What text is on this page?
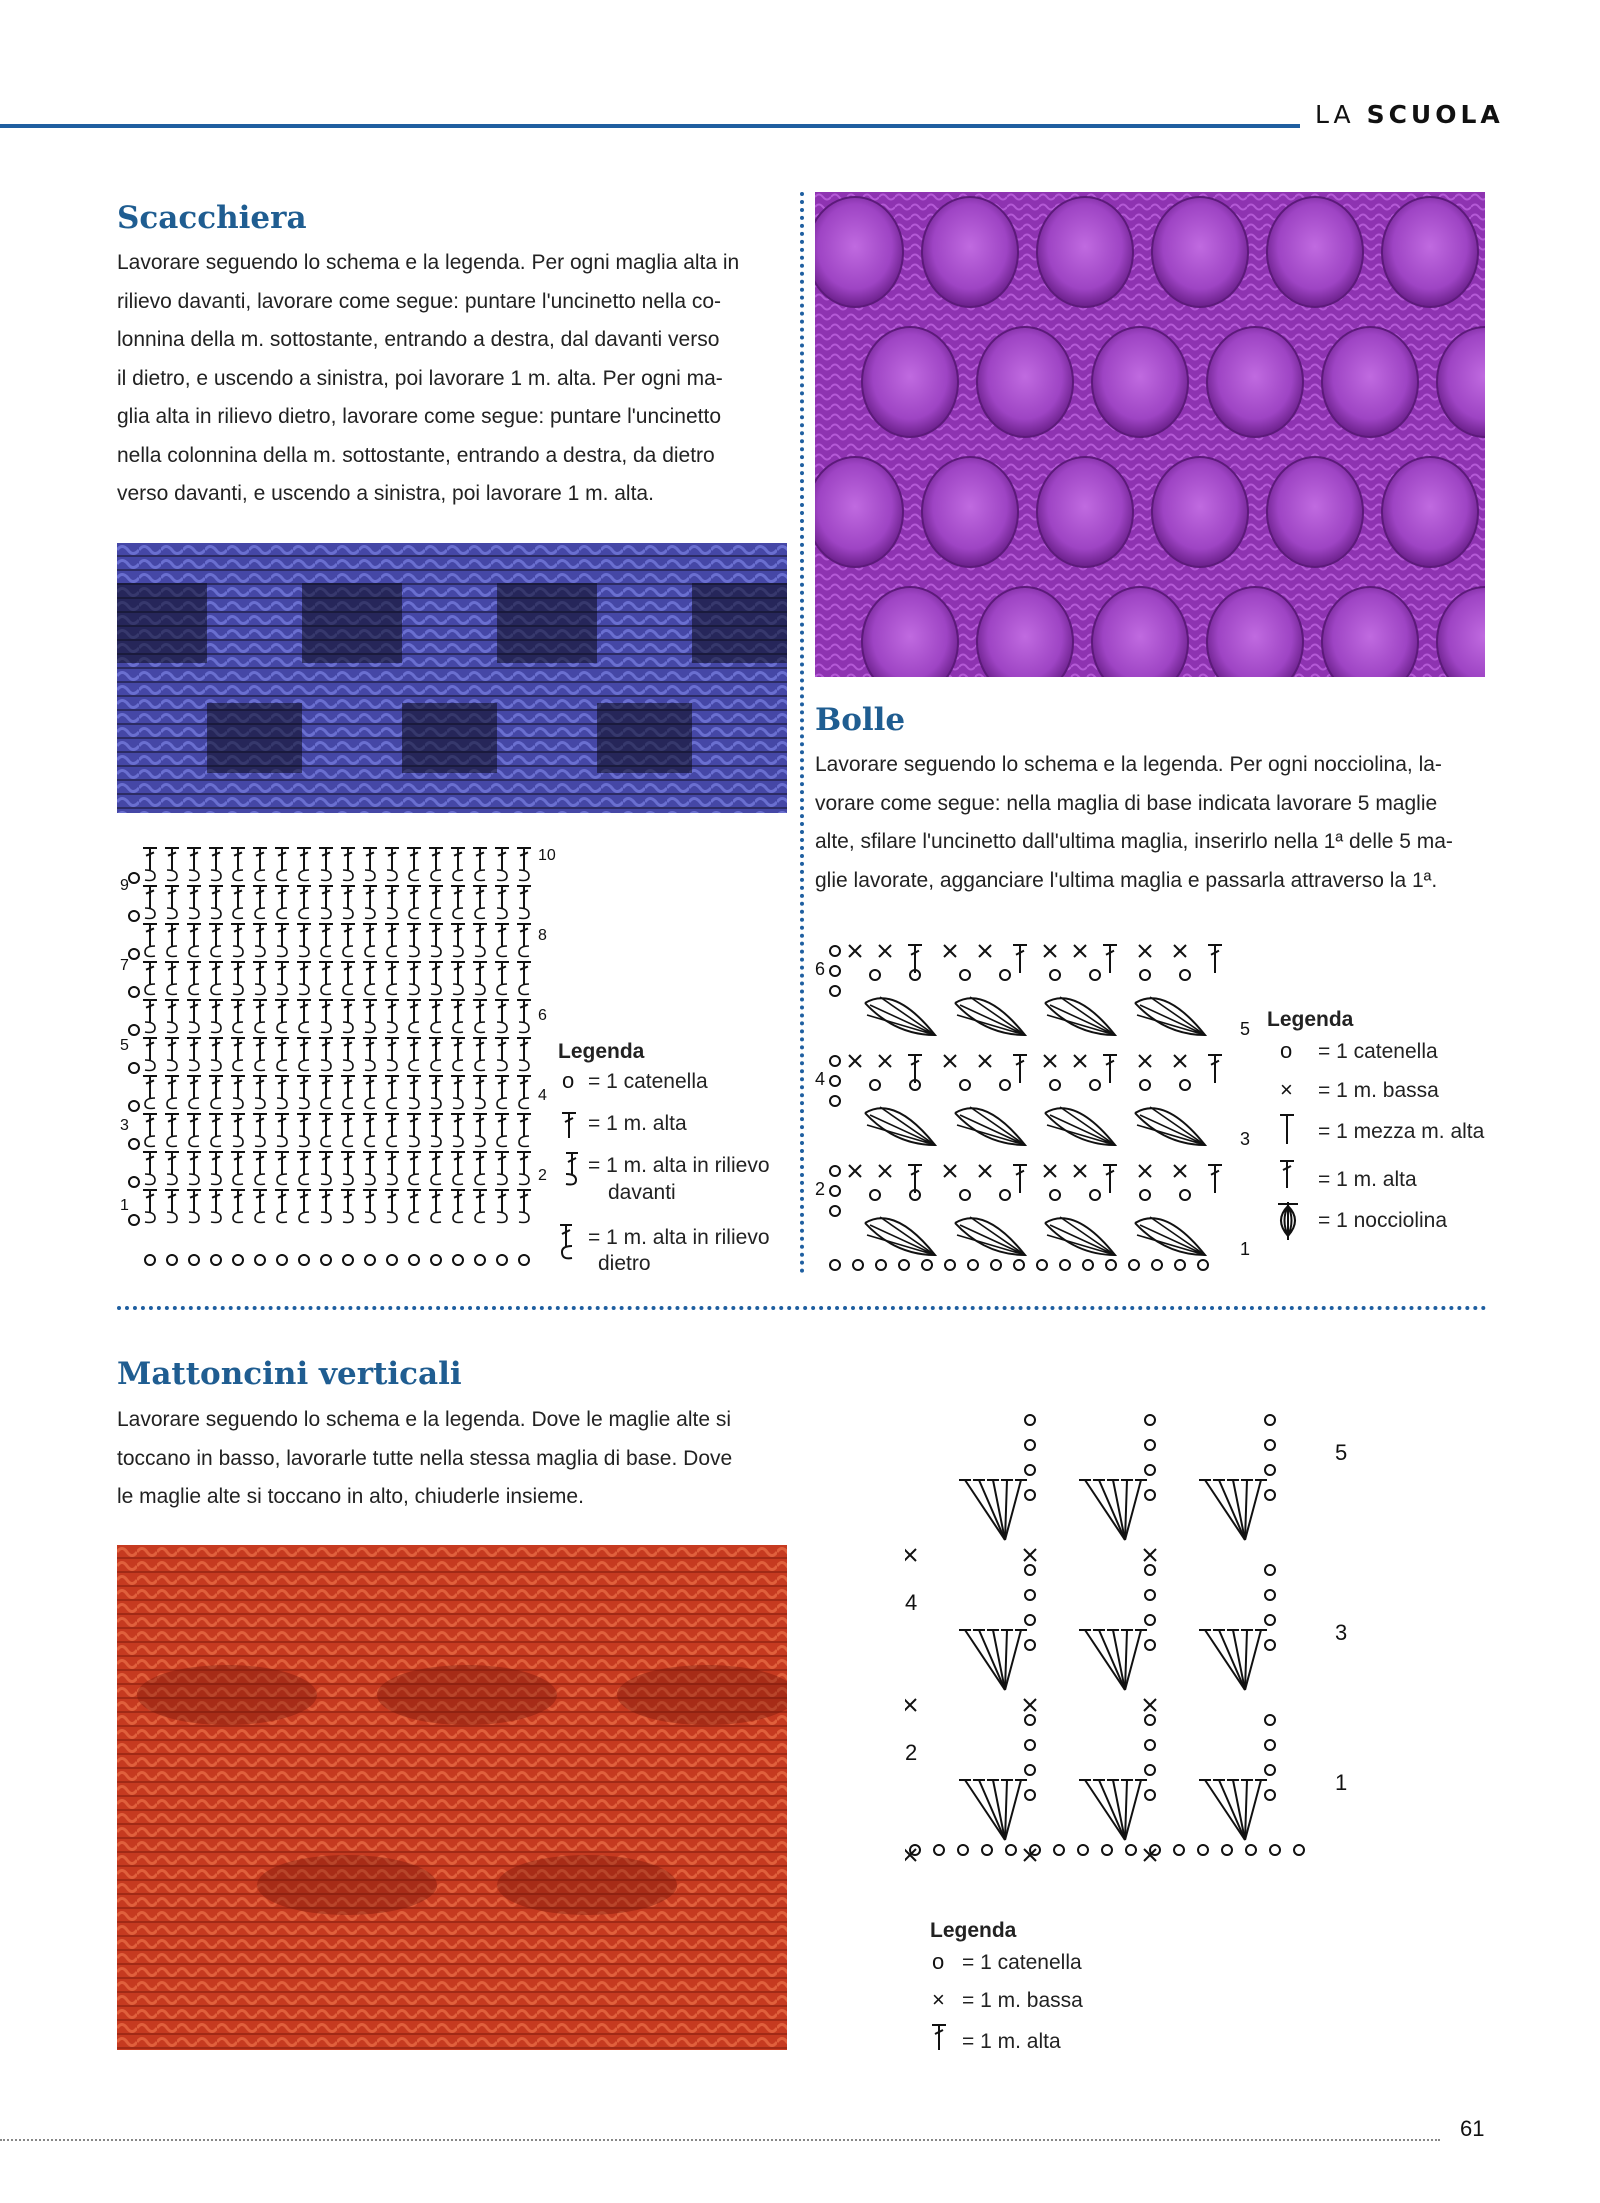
LA SCUOLA
Scacchiera
Lavorare seguendo lo schema e la legenda. Per ogni maglia alta in
rilievo davanti, lavorare come segue: puntare l'uncinetto nella co-
lonnina della m. sottostante, entrando a destra, dal davanti verso
il dietro, e uscendo a sinistra, poi lavorare 1 m. alta. Per ogni ma-
glia alta in rilievo dietro, lavorare come segue: puntare l'uncinetto
nella colonnina della m. sottostante, entrando a destra, da dietro
verso davanti, e uscendo a sinistra, poi lavorare 1 m. alta.
10
9
8
7
6
5
4
3
2
1
Legenda
o = 1 catenella
= 1 m. alta
= 1 m. alta in rilievo
davanti
= 1 m. alta in rilievo
dietro
Bolle
Lavorare seguendo lo schema e la legenda. Per ogni nocciolina, la-
vorare come segue: nella maglia di base indicata lavorare 5 maglie
alte, sfilare l'uncinetto dall'ultima maglia, inserirlo nella 1ª delle 5 ma-
glie lavorate, agganciare l'ultima maglia e passarla attraverso la 1ª.
6
5
4
3
2
1
Legenda
o = 1 catenella
× = 1 m. bassa
= 1 mezza m. alta
= 1 m. alta
= 1 nocciolina
Mattoncini verticali
Lavorare seguendo lo schema e la legenda. Dove le maglie alte si
toccano in basso, lavorarle tutte nella stessa maglia di base. Dove
le maglie alte si toccano in alto, chiuderle insieme.
5
4
3
2
1
Legenda
o = 1 catenella
× = 1 m. bassa
= 1 m. alta
61
